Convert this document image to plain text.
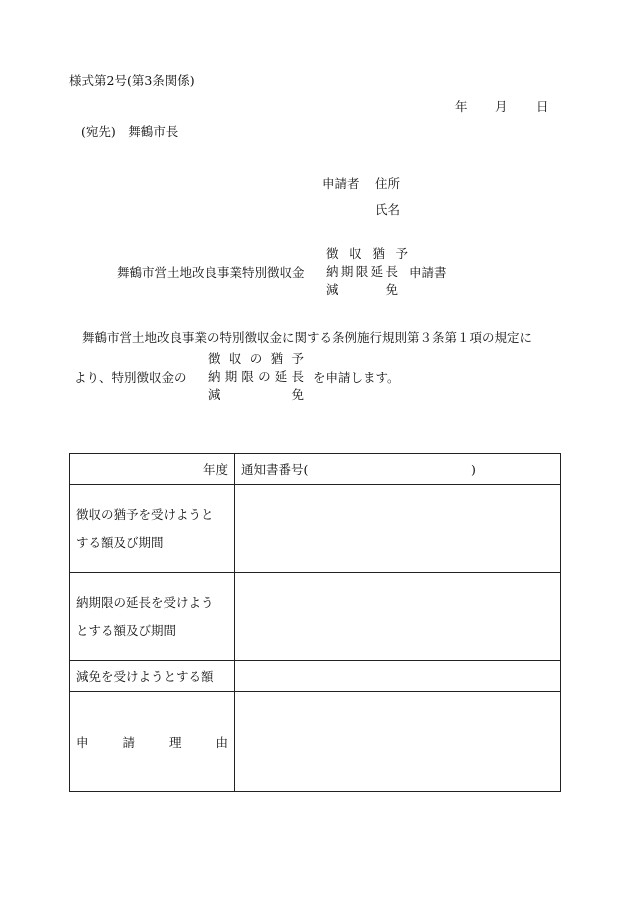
様式第2号(第3条関係)
年 月 日
(宛先)　舞鶴市長
申請者 住所
氏名
舞鶴市営土地改良事業特別徴収金
徴 収 猶 予
納 期 限 延 長
減	免
申請書
舞鶴市営土地改良事業の特別徴収金に関する条例施行規則第３条第１項の規定に
より、特別徴収金の
徴 収 の 猶 予
納 期 限 の 延 長
減	免
を申請します。
年度	通知書番号( )

徴収の猶予を受けようと
する額及び期間	

納期限の延長を受けよう
とする額及び期間	

減免を受けようとする額	

申 請 理 由	
